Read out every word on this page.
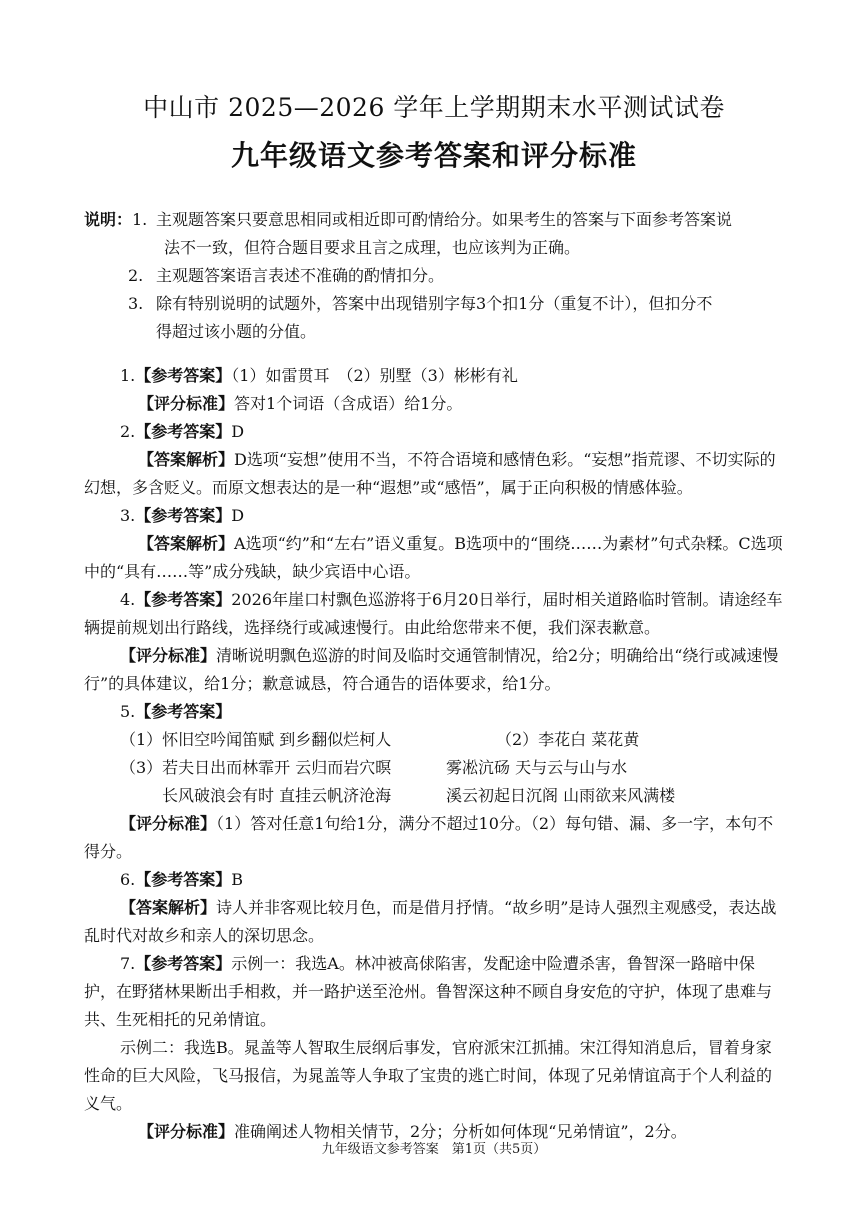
中山市 2025—2026 学年上学期期末水平测试试卷
九年级语文参考答案和评分标准
说明： 1. 主观题答案只要意思相同或相近即可酌情给分。如果考生的答案与下面参考答案说
法不一致，但符合题目要求且言之成理，也应该判为正确。
2. 主观题答案语言表述不准确的酌情扣分。
3. 除有特别说明的试题外，答案中出现错别字每3个扣1分（重复不计），但扣分不
得超过该小题的分值。
1.【参考答案】（1）如雷贯耳　（2）别墅（3）彬彬有礼
【评分标准】答对1个词语（含成语）给1分。
2.【参考答案】D
【答案解析】D选项“妄想”使用不当，不符合语境和感情色彩。“妄想”指荒谬、不切实际的幻想，多含贬义。而原文想表达的是一种“遐想”或“感悟”，属于正向积极的情感体验。
3.【参考答案】D
【答案解析】A选项“约”和“左右”语义重复。B选项中的“围绕……为素材”句式杂糅。C选项中的“具有……等”成分残缺，缺少宾语中心语。
4.【参考答案】2026年崖口村飘色巡游将于6月20日举行，届时相关道路临时管制。请途经车辆提前规划出行路线，选择绕行或减速慢行。由此给您带来不便，我们深表歉意。
【评分标准】清晰说明飘色巡游的时间及临时交通管制情况，给2分；明确给出“绕行或减速慢行”的具体建议，给1分；歉意诚恳，符合通告的语体要求，给1分。
5.【参考答案】
（1）怀旧空吟闻笛赋 到乡翻似烂柯人	（2）李花白 菜花黄
（3）若夫日出而林霏开 云归而岩穴暝	雾凇沆砀 天与云与山与水
长风破浪会有时 直挂云帆济沧海	溪云初起日沉阁 山雨欲来风满楼
【评分标准】（1）答对任意1句给1分，满分不超过10分。（2）每句错、漏、多一字，本句不得分。
6.【参考答案】B
【答案解析】诗人并非客观比较月色，而是借月抒情。“故乡明”是诗人强烈主观感受，表达战乱时代对故乡和亲人的深切思念。
7.【参考答案】示例一：我选A。林冲被高俅陷害，发配途中险遭杀害，鲁智深一路暗中保护，在野猪林果断出手相救，并一路护送至沧州。鲁智深这种不顾自身安危的守护，体现了患难与共、生死相托的兄弟情谊。
示例二：我选B。晁盖等人智取生辰纲后事发，官府派宋江抓捕。宋江得知消息后，冒着身家性命的巨大风险，飞马报信，为晁盖等人争取了宝贵的逃亡时间，体现了兄弟情谊高于个人利益的义气。
【评分标准】准确阐述人物相关情节，2分；分析如何体现“兄弟情谊”，2分。
九年级语文参考答案　第1页（共5页）
